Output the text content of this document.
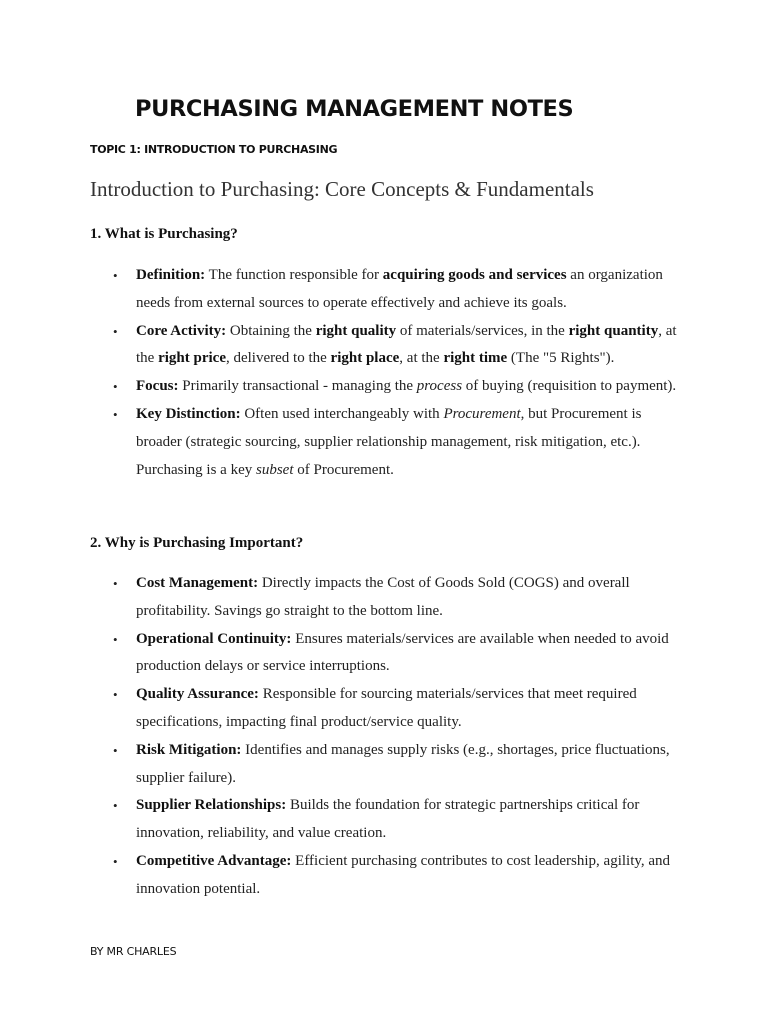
PURCHASING MANAGEMENT NOTES
TOPIC 1: INTRODUCTION TO PURCHASING
Introduction to Purchasing: Core Concepts & Fundamentals
1. What is Purchasing?
• Definition: The function responsible for acquiring goods and services an organization needs from external sources to operate effectively and achieve its goals.
• Core Activity: Obtaining the right quality of materials/services, in the right quantity, at the right price, delivered to the right place, at the right time (The "5 Rights").
• Focus: Primarily transactional - managing the process of buying (requisition to payment).
• Key Distinction: Often used interchangeably with Procurement, but Procurement is broader (strategic sourcing, supplier relationship management, risk mitigation, etc.). Purchasing is a key subset of Procurement.
2. Why is Purchasing Important?
• Cost Management: Directly impacts the Cost of Goods Sold (COGS) and overall profitability. Savings go straight to the bottom line.
• Operational Continuity: Ensures materials/services are available when needed to avoid production delays or service interruptions.
• Quality Assurance: Responsible for sourcing materials/services that meet required specifications, impacting final product/service quality.
• Risk Mitigation: Identifies and manages supply risks (e.g., shortages, price fluctuations, supplier failure).
• Supplier Relationships: Builds the foundation for strategic partnerships critical for innovation, reliability, and value creation.
• Competitive Advantage: Efficient purchasing contributes to cost leadership, agility, and innovation potential.
BY MR CHARLES
